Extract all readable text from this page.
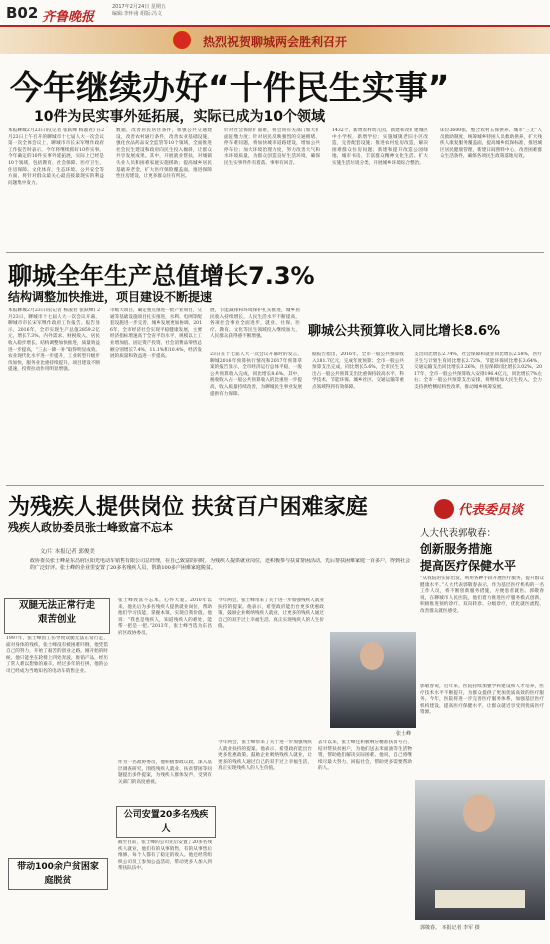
B02 齐鲁晚报
2017年2月24日 星期五
编辑:李怀甫 组版:冯文
热烈祝贺聊城两会胜利召开
今年继续办好“十件民生实事”
10件为民实事外延拓展，实际已成为10个领域
本报聊城2月23日讯(记者 张跃峰 杨淑君) 在2月23日上午召开的聊城市十七届人大一次会议第一次全体会议上，聊城市市长宋军继作政府工作报告时表示，今年将继续抓好10件实事。今年确定的10件实事外延拓展，实际上已经是10个领域，包括教育、社会保障、医疗卫生、住房保障、文化体育、生态环境、公共安全等方面，将针对群众最关心最直接最现实的利益问题集中发力。
数据，改善居民居住条件，加强公共交通建设，改善农村通行条件，改善农业基础设施，强化食品药品安全监管等10个领域，全面推进社会民生建设和政府向民生投入倾斜，让群众共享发展成果。其中，开展就业帮扶，对城镇失业人员和困难家庭实施援助；提高城乡居民基础养老金，扩大医疗保险覆盖面，推进保障性住房建设，让更多群众住有所居。
针对社会保险扩面难，将会同有关部门加大扩面征缴力度；针对居民反映强烈的交通拥堵、停车难问题，将加快城市道路建设，增加公共停车位；加大环境治理力度，努力改善大气和水环境质量，为群众创造良好生活环境，确保民生实事件件有着落、事事有回音。
1432个，新增农村幼儿园，新建和改扩建城区中小学校，新增学位；实施城镇老旧小区改造，完善配套设施；推进农村危房改造，解决困难群众住房问题；新建和提升改造公园绿地、城市书房，丰富群众精神文化生活。扩大实施生活垃圾分类，开展城乡环境综合整治。
床位3600张，整合农村五保供养、城市“三无”人员救助制度，统筹城乡特困人员救助供养，扩大残疾人康复服务覆盖面，提高城乡低保标准，推进城区居民健康管理，新建日间照料中心，改善困难群众生活条件，确保各项民生政策落地见效。
聊城全年生产总值增长7.3%
结构调整加快推进，项目建设不断提速
本报聊城2月23日讯(记者 杨淑君 张跃峰) 2月23日，聊城市十七届人大一次会议开幕，聊城市市长宋军继作政府工作报告。报告显示，2016年，全市实现生产总值2859.2亿元，增长7.3%，内外需求、财税收入、居民收入稳步增长。结构调整加快推进，质量效益进一步提高，“三去一降一补”取得明显成效。农业现代化水平进一步提升，工业转型升级步伐加快，服务业比重持续提升。项目建设不断提速，投资拉动作用明显增强。
市级大项目，确定重点推进一批产业项目，交通等基础设施项目扎实推进，水利、电网等配套设施进一步完善，城乡发展更加协调。2016年，全市经济社会实现平稳健康发展，主要经济指标增速高于全省平均水平，规模以上工业增加值、固定资产投资、社会消费品零售总额分别增长7.4%、11.1%和10.4%，经济发展的质量和效益进一步提高。
展，节能减排和环境保护扎实推进，城乡居民收入持续增长，人民生活水平不断提高，各项社会事业全面进步，就业、社保、医疗、教育、文化等民生领域投入继续加大，人民群众获得感不断增强。	聊城公共预算收入同比增长8.6%
23日在十七届人大一次会议开幕时的发言，聊城2016年预算执行情况和2017年预算草案的报告显示，全市经济运行总体平稳，一般公共预算收入完成，同比增长8.6%。其中，税收收入占一般公共预算收入的比重进一步提高，收入质量持续改善，为聊城民生事业发展提供有力保障。
据报告指出，2016年，全市一般公共预算收入181.7亿元，完成年度预算；全市一般公共预算支出完成，同比增长5.6%，全市民生支出占一般公共预算支出比重保持较高水平，科学技术、节能环保、城乡社区、交通运输等重点领域得到有效保障。
支出同比增长2.74%，社会保障和就业同比增长2.58%，医疗卫生与计划生育同比增长2.72%，节能环保同比增长3.64%，交通运输支出同比增长3.26%，住房保障同比增长3.02%。2017年，全市一般公共预算收入安排196.4亿元，同比增长7%左右；全市一般公共预算支出安排，将继续加大民生投入，全力支持供给侧结构性改革，推动城乡统筹发展。
为残疾人提供岗位 扶贫百户困难家庭
残疾人政协委员张士峰致富不忘本
文/片 本报记者 郭俊美
政协委员张士峰是东昌府区阳光电动车销售有限公司总经理，在自己致富的同时，为残疾人提供就业岗位，还积极参与扶贫帮困活动，先后帮扶困难家庭一百多户，得到社会的广泛好评。张士峰的企业里安置了20多名残疾人员，帮助100多户困难家庭脱贫。
双腿无法正常行走
艰苦创业
1997年，张士峰因工伤导致双腿无法正常行走，面对身体的残疾，张士峰没有被困难吓倒，他凭借自己的努力，开始了艰苦的创业之路。刚开始的时候，他只能坐在轮椅上四处奔波，推销产品，经历了常人难以想象的艰辛。经过多年的打拼，他的公司已经成为当地知名的电动车销售企业。
带动100余户贫困家庭脱贫
张士峰致富不忘本，心怀大爱。2010年以来，他先后为多名残疾人提供就业岗位，帮助他们学习技能，掌握本领，实现自我价值。他说：“我也是残疾人，知道残疾人的难处，能帮一把是一把。”2013年，张士峰当选为东昌府区政协委员。
作为一名政协委员，他积极参政议政，深入基层调查研究，围绕残疾人就业、扶贫帮困等问题提出多件提案，为残疾人群体发声，受到有关部门的高度重视。
公司安置20多名残疾人
截至目前，张士峰的公司先后安置了20多名残疾人就业，他们有的从事销售，有的从事售后维修，每个人都有了稳定的收入。他还经常组织公司员工参加公益活动，带动更多人加入到帮扶队伍中。
张士峰
今年两会，张士峰带来了关于进一步加强残疾人就业扶持的提案。他表示，希望政府能出台更多优惠政策，鼓励企业吸纳残疾人就业，让更多的残疾人通过自己的双手过上幸福生活，真正实现残疾人的人生价值。
今年两会，张士峰带来了关于进一步加强残疾人就业扶持的提案。他表示，希望政府能出台更多优惠政策，鼓励企业吸纳残疾人就业，让更多的残疾人通过自己的双手过上幸福生活，真正实现残疾人的人生价值。
去年以来，张士峰还积极响应精准扶贫号召，结对帮扶贫困户，为他们送去米面油等生活物资，帮助他们解决实际困难。他说，自己将继续尽最大努力，回报社会，帮助更多需要帮助的人。
代表委员谈
人大代表郭敬春：
创新服务措施
提高医疗保健水平
“从我院的实际出发，利用各种手段开展医疗服务，提升群众健康水平。”人大代表郭敬春表示，作为基层医疗机构的一名工作人员，将不断创新服务措施，方便患者就医。郭敬春说，在聊城市人民医院，他们着力推进医疗服务模式创新，积极推进预约诊疗、双向转诊、分级诊疗，优化就医流程，改善群众就医感受。
郭敬春说，近年来，医院持续加强学科建设和人才培养，医疗技术水平不断提升，为群众提供了更加优质高效的医疗服务。今年，医院将进一步完善医疗服务体系，加强基层医疗机构建设，提高医疗保健水平，让群众就近享受到优质医疗资源。
郭敬春。 本报记者 李军 摄
